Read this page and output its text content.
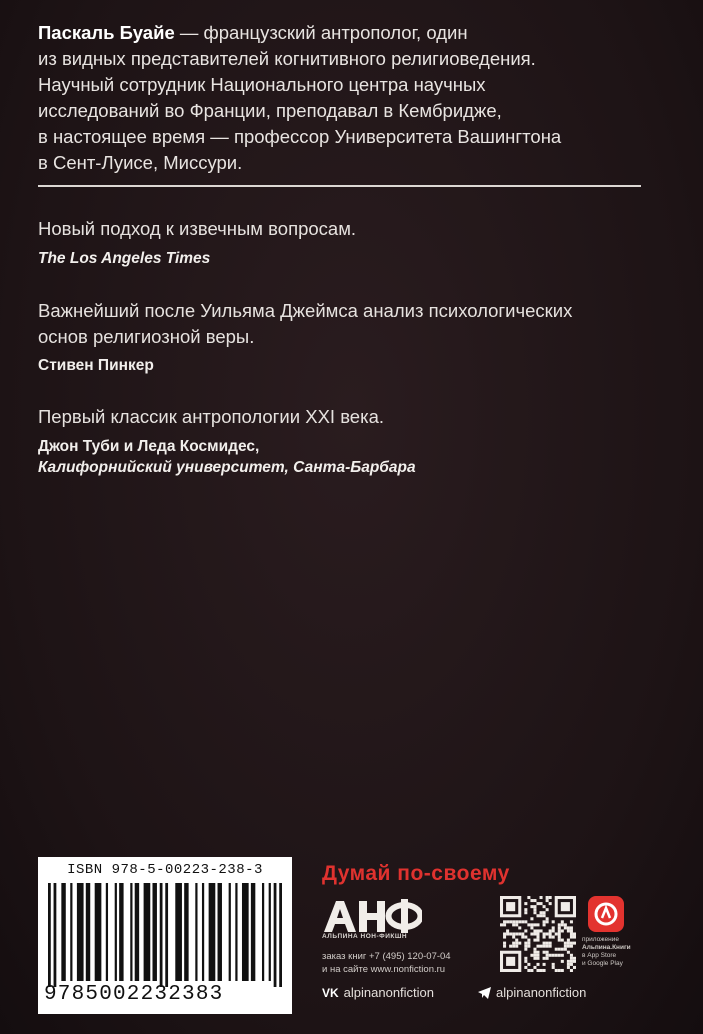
Паскаль Буайе — французский антрополог, один
из видных представителей когнитивного религиоведения.
Научный сотрудник Национального центра научных
исследований во Франции, преподавал в Кембридже,
в настоящее время — профессор Университета Вашингтона
в Сент-Луисе, Миссури.
Новый подход к извечным вопросам.
The Los Angeles Times
Важнейший после Уильяма Джеймса анализ психологических
основ религиозной веры.
Стивен Пинкер
Первый классик антропологии XXI века.
Джон Туби и Леда Космидес,
Калифорнийский университет, Санта-Барбара
ISBN 978-5-00223-238-3
9785002232383
Думай по-своему
АЛЬПИНА НОН-ФИКШН
заказ книг +7 (495) 120-07-04
и на сайте www.nonfiction.ru
приложение
Альпина.Книги
в App Store
и Google Play
VK alpinanonfiction	alpinanonfiction
